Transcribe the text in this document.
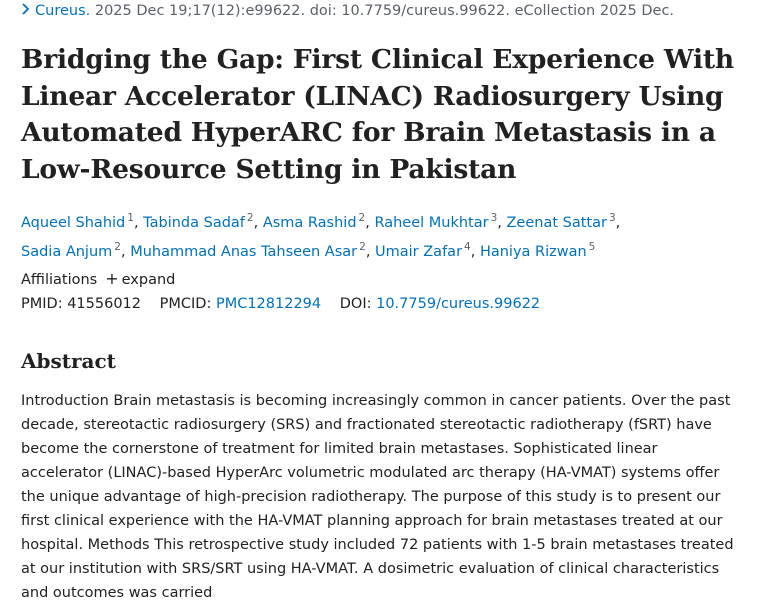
Cureus. 2025 Dec 19;17(12):e99622. doi: 10.7759/cureus.99622. eCollection 2025 Dec.
Bridging the Gap: First Clinical Experience With Linear Accelerator (LINAC) Radiosurgery Using Automated HyperARC for Brain Metastasis in a Low-Resource Setting in Pakistan
Aqueel Shahid $^1$, Tabinda Sadaf $^2$, Asma Rashid $^2$, Raheel Mukhtar $^3$, Zeenat Sattar $^3$,
Sadia Anjum $^2$, Muhammad Anas Tahseen Asar $^2$, Umair Zafar $^4$, Haniya Rizwan $^5$
Affiliations + expand
PMID: 41556012 PMCID: PMC12812294 DOI: 10.7759/cureus.99622
Abstract

Introduction Brain metastasis is becoming increasingly common in cancer patients. Over the past decade, stereotactic radiosurgery (SRS) and fractionated stereotactic radiotherapy (fSRT) have become the cornerstone of treatment for limited brain metastases. Sophisticated linear accelerator (LINAC)-based HyperArc volumetric modulated arc therapy (HA-VMAT) systems offer the unique advantage of high-precision radiotherapy. The purpose of this study is to present our first clinical experience with the HA-VMAT planning approach for brain metastases treated at our hospital. Methods This retrospective study included 72 patients with 1-5 brain metastases treated at our institution with SRS/SRT using HA-VMAT. A dosimetric evaluation of clinical characteristics and outcomes was carried
